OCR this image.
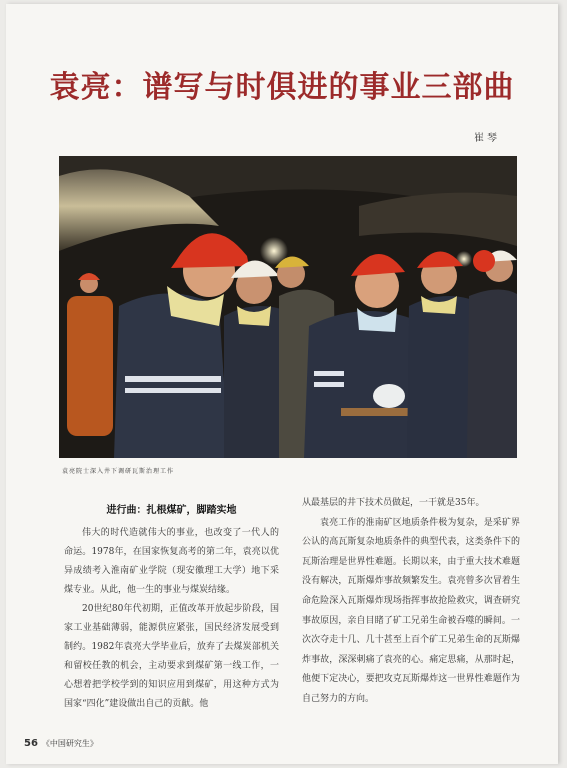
袁亮：谱写与时俱进的事业三部曲
崔琴
袁亮院士深入井下调研瓦斯治理工作
进行曲：扎根煤矿，脚踏实地

伟大的时代造就伟大的事业，也改变了一代人的命运。1978年，在国家恢复高考的第二年，袁亮以优异成绩考入淮南矿业学院（现安徽理工大学）地下采煤专业。从此，他一生的事业与煤炭结缘。

20世纪80年代初期，正值改革开放起步阶段，国家工业基础薄弱，能源供应紧张，国民经济发展受到制约。1982年袁亮大学毕业后，放弃了去煤炭部机关和留校任教的机会，主动要求到煤矿第一线工作，一心想着把学校学到的知识应用到煤矿，用这种方式为国家“四化”建设做出自己的贡献。他

从最基层的井下技术员做起，一干就是35年。

袁亮工作的淮南矿区地质条件极为复杂，是采矿界公认的高瓦斯复杂地质条件的典型代表，这类条件下的瓦斯治理是世界性难题。长期以来，由于重大技术难题没有解决，瓦斯爆炸事故频繁发生。袁亮曾多次冒着生命危险深入瓦斯爆炸现场指挥事故抢险救灾，调查研究事故原因，亲自目睹了矿工兄弟生命被吞噬的瞬间。一次次夺走十几、几十甚至上百个矿工兄弟生命的瓦斯爆炸事故，深深刺痛了袁亮的心。痛定思痛，从那时起，他便下定决心，要把攻克瓦斯爆炸这一世界性难题作为自己努力的方向。

56 《中国研究生》
